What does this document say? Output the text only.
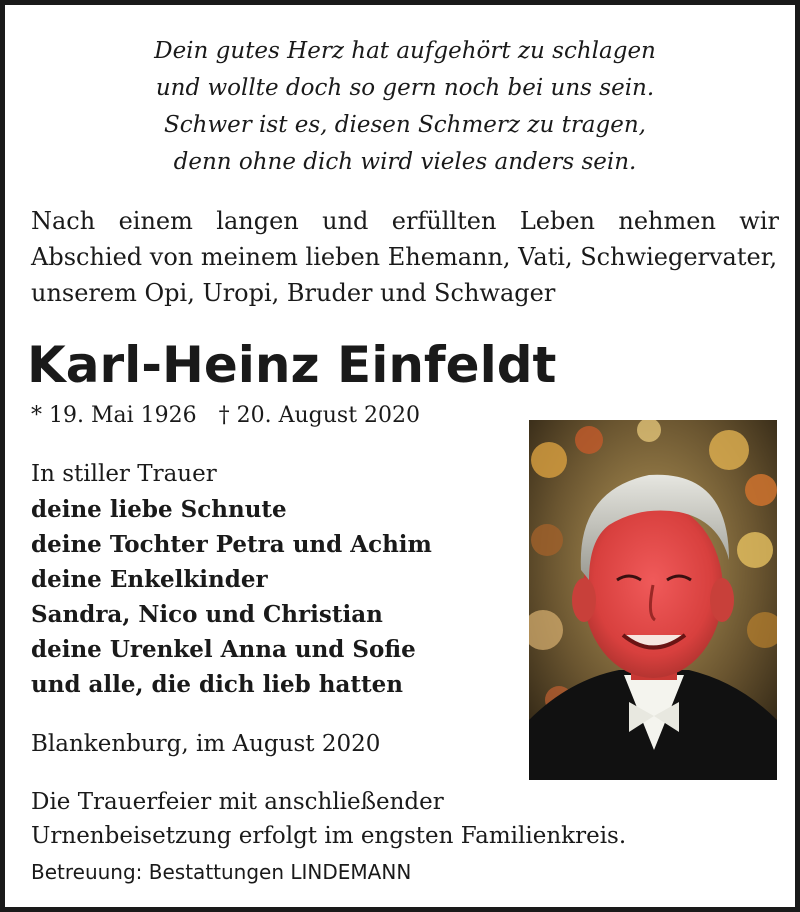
Dein gutes Herz hat aufgehört zu schlagen
und wollte doch so gern noch bei uns sein.
Schwer ist es, diesen Schmerz zu tragen,
denn ohne dich wird vieles anders sein.
Nach einem langen und erfüllten Leben nehmen wir
Abschied von meinem lieben Ehemann, Vati, Schwiegervater,
unserem Opi, Uropi, Bruder und Schwager
Karl-Heinz Einfeldt
* 19. Mai 1926 † 20. August 2020
In stiller Trauer
deine liebe Schnute
deine Tochter Petra und Achim
deine Enkelkinder
Sandra, Nico und Christian
deine Urenkel Anna und Sofie
und alle, die dich lieb hatten
Blankenburg, im August 2020
Die Trauerfeier mit anschließender
Urnenbeisetzung erfolgt im engsten Familienkreis.
Betreuung: Bestattungen LINDEMANN
